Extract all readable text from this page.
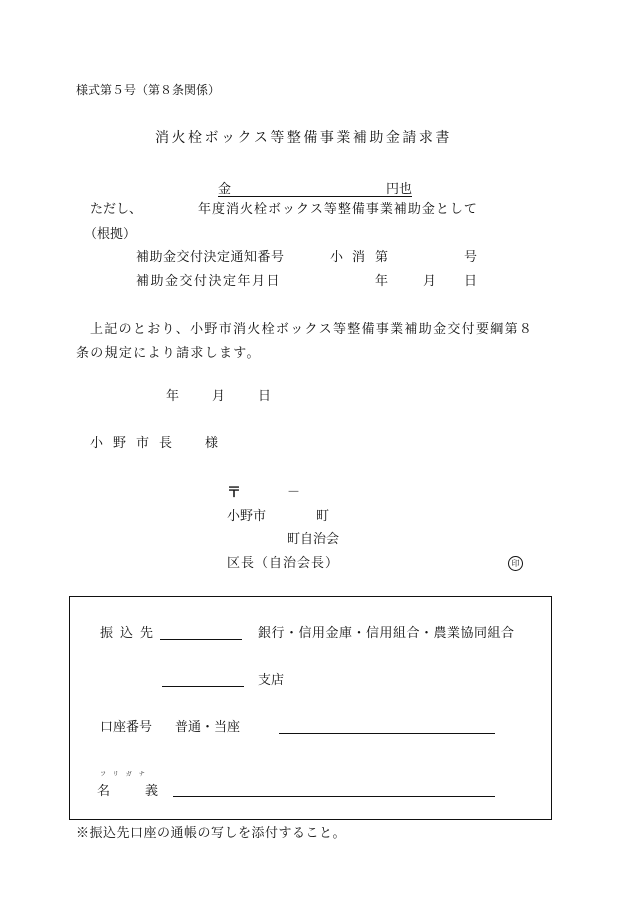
様式第５号（第８条関係）
消火栓ボックス等整備事業補助金請求書
金	円也
ただし、	年度消火栓ボックス等整備事業補助金として
（根拠）
補助金交付決定通知番号	小 消 第	号
補助金交付決定年月日	年	月 日
上記のとおり、小野市消火栓ボックス等整備事業補助金交付要綱第８
条の規定により請求します。
年	月	日
小野市長 様
〒	－
小野市	町
町自治会
区長（自治会長）	印
振込先	銀行・信用金庫・信用組合・農業協同組合
支店
口座番号 普通・当座
フリガナ
名	義
※振込先口座の通帳の写しを添付すること。
